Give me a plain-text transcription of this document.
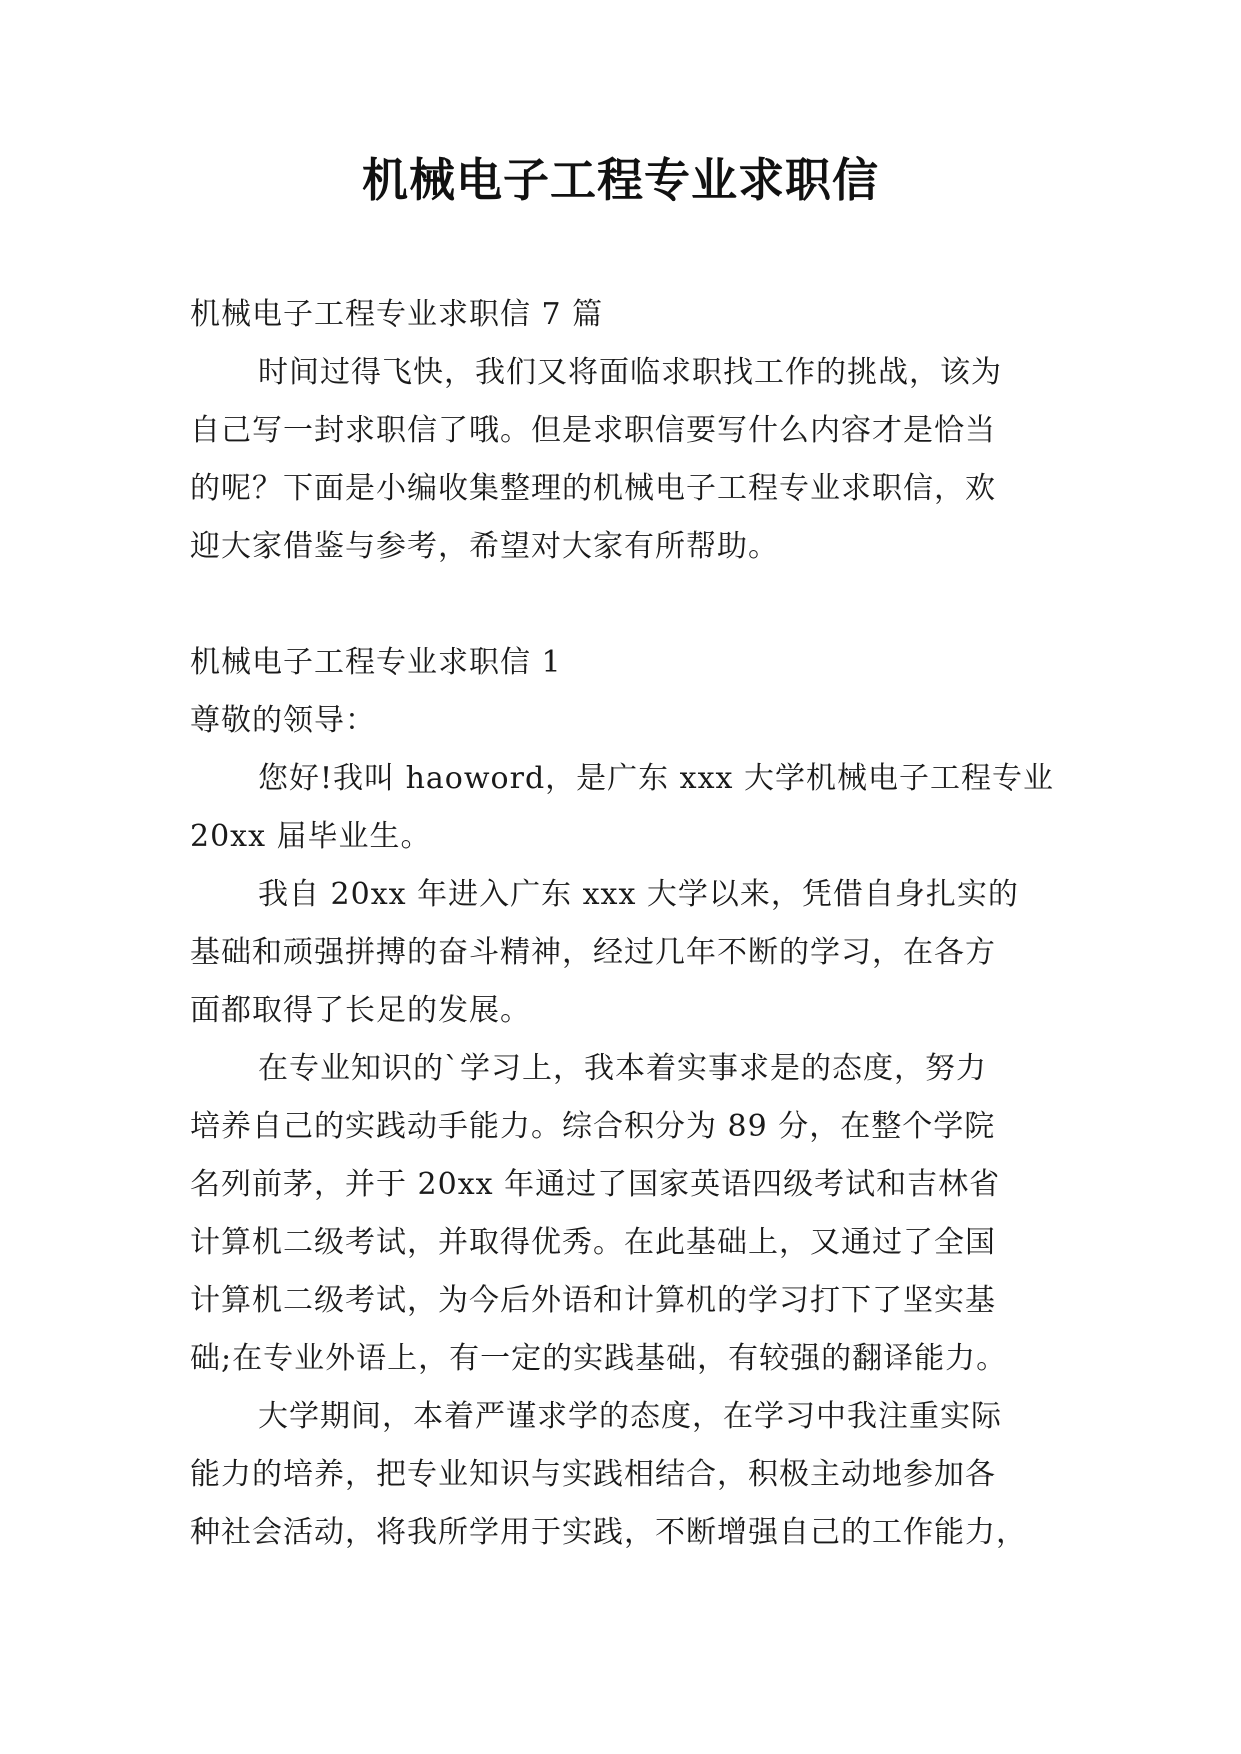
机械电子工程专业求职信
机械电子工程专业求职信 7 篇
时间过得飞快，我们又将面临求职找工作的挑战，该为
自己写一封求职信了哦。但是求职信要写什么内容才是恰当
的呢？下面是小编收集整理的机械电子工程专业求职信，欢
迎大家借鉴与参考，希望对大家有所帮助。
机械电子工程专业求职信 1
尊敬的领导：
您好!我叫 haoword，是广东 xxx 大学机械电子工程专业
20xx 届毕业生。
我自 20xx 年进入广东 xxx 大学以来，凭借自身扎实的
基础和顽强拼搏的奋斗精神，经过几年不断的学习，在各方
面都取得了长足的发展。
在专业知识的`学习上，我本着实事求是的态度，努力
培养自己的实践动手能力。综合积分为 89 分，在整个学院
名列前茅，并于 20xx 年通过了国家英语四级考试和吉林省
计算机二级考试，并取得优秀。在此基础上，又通过了全国
计算机二级考试，为今后外语和计算机的学习打下了坚实基
础;在专业外语上，有一定的实践基础，有较强的翻译能力。
大学期间，本着严谨求学的态度，在学习中我注重实际
能力的培养，把专业知识与实践相结合，积极主动地参加各
种社会活动，将我所学用于实践，不断增强自己的工作能力，
